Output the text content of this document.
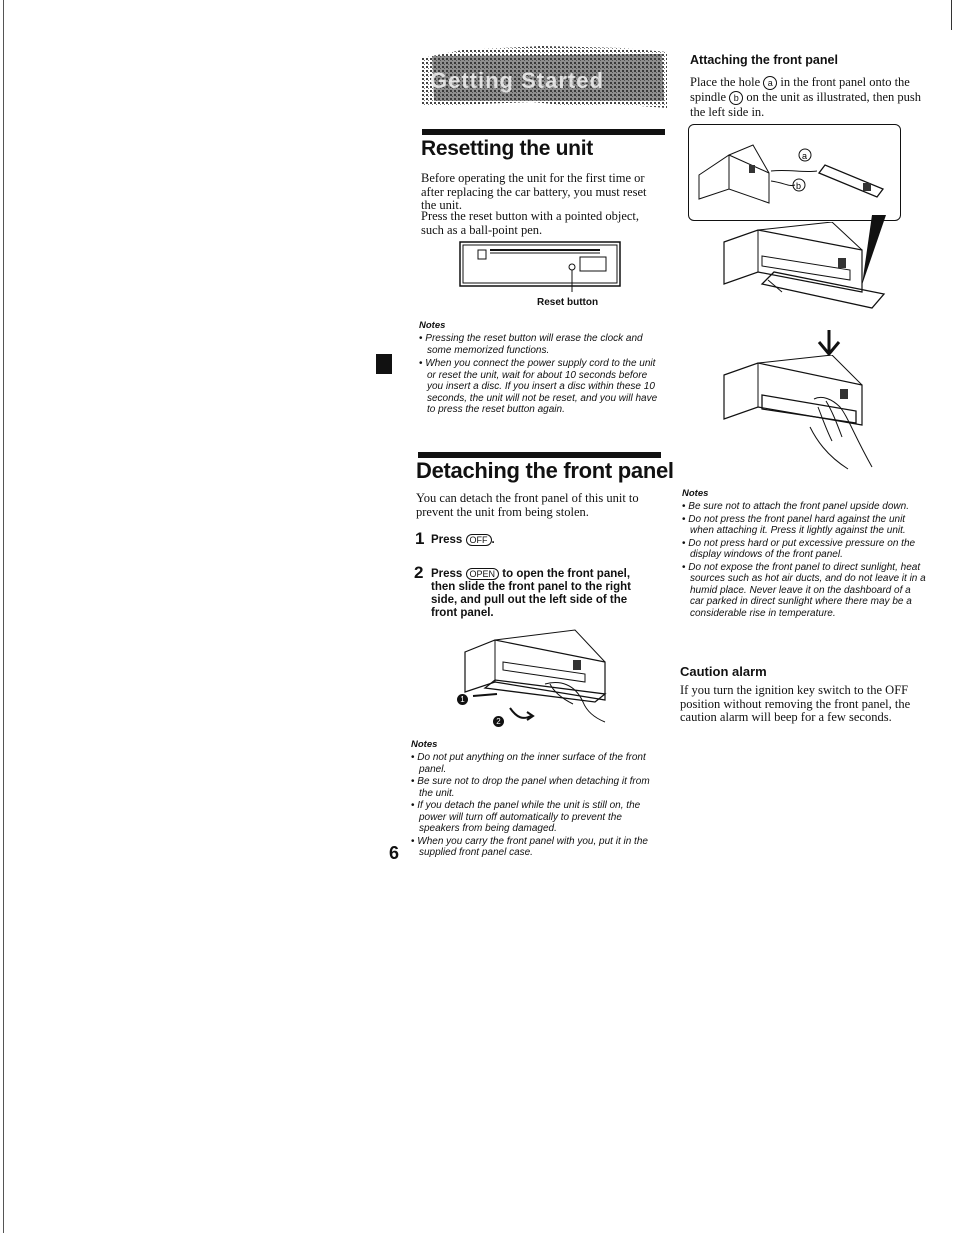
Getting Started
Resetting the unit
Before operating the unit for the first time or after replacing the car battery, you must reset the unit.
Press the reset button with a pointed object, such as a ball-point pen.
Reset button
Notes

• Pressing the reset button will erase the clock and some memorized functions.

• When you connect the power supply cord to the unit or reset the unit, wait for about 10 seconds before you insert a disc. If you insert a disc within these 10 seconds, the unit will not be reset, and you will have to press the reset button again.

Detaching the front panel
You can detach the front panel of this unit to prevent the unit from being stolen.
1 Press OFF .
2 Press OPEN to open the front panel, then slide the front panel to the right side, and pull out the left side of the front panel.
1
2
Notes

• Do not put anything on the inner surface of the front panel.

• Be sure not to drop the panel when detaching it from the unit.

• If you detach the panel while the unit is still on, the power will turn off automatically to prevent the speakers from being damaged.

• When you carry the front panel with you, put it in the supplied front panel case.

6
Attaching the front panel
Place the hole a in the front panel onto the spindle b on the unit as illustrated, then push the left side in.
a
b
Notes

• Be sure not to attach the front panel upside down.

• Do not press the front panel hard against the unit when attaching it. Press it lightly against the unit.

• Do not press hard or put excessive pressure on the display windows of the front panel.

• Do not expose the front panel to direct sunlight, heat sources such as hot air ducts, and do not leave it in a humid place. Never leave it on the dashboard of a car parked in direct sunlight where there may be a considerable rise in temperature.

Caution alarm
If you turn the ignition key switch to the OFF position without removing the front panel, the caution alarm will beep for a few seconds.
